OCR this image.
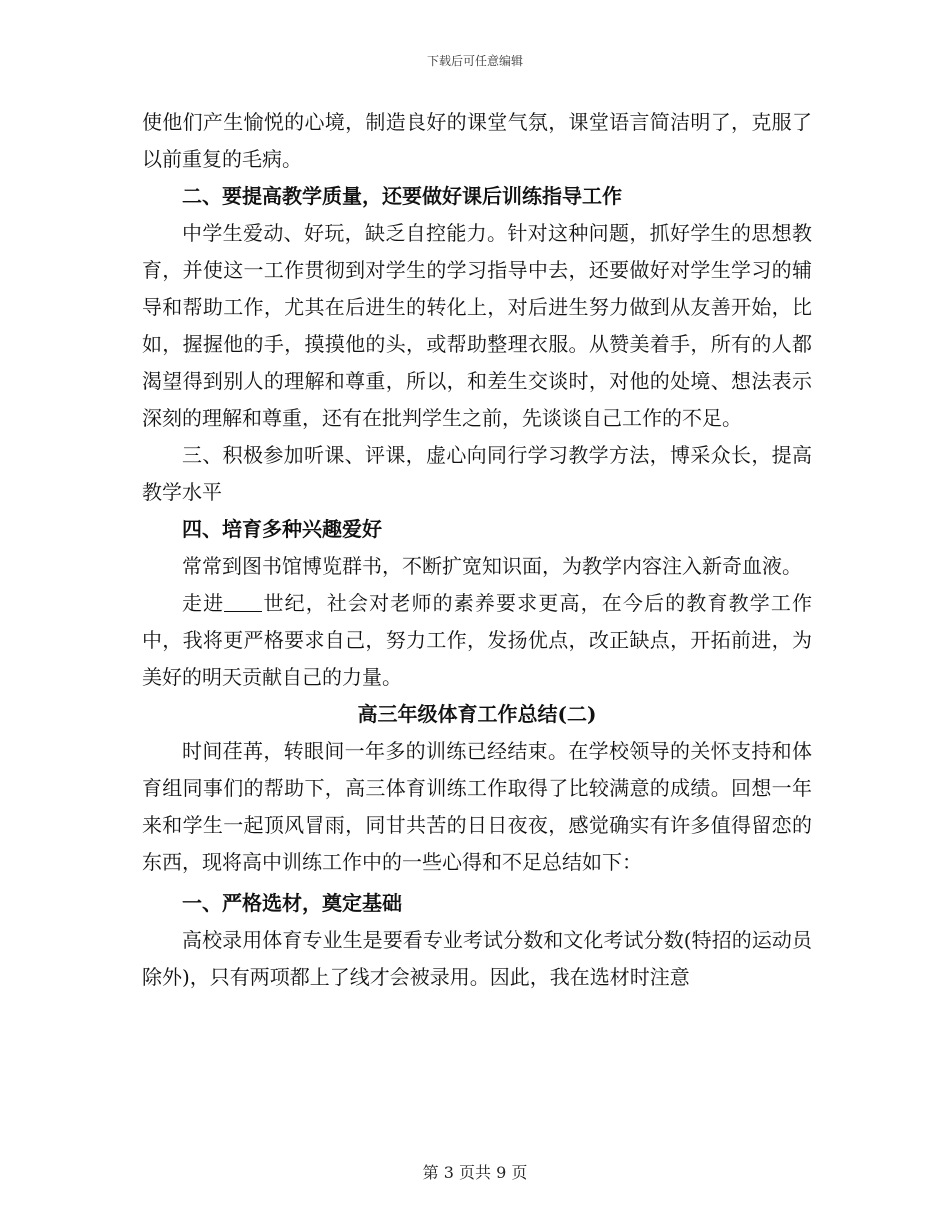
下载后可任意编辑

使他们产生愉悦的心境，制造良好的课堂气氛，课堂语言简洁明了，克服了以前重复的毛病。

二、要提高教学质量，还要做好课后训练指导工作

中学生爱动、好玩，缺乏自控能力。针对这种问题，抓好学生的思想教育，并使这一工作贯彻到对学生的学习指导中去，还要做好对学生学习的辅导和帮助工作，尤其在后进生的转化上，对后进生努力做到从友善开始，比如，握握他的手，摸摸他的头，或帮助整理衣服。从赞美着手，所有的人都渴望得到别人的理解和尊重，所以，和差生交谈时，对他的处境、想法表示深刻的理解和尊重，还有在批判学生之前，先谈谈自己工作的不足。

三、积极参加听课、评课，虚心向同行学习教学方法，博采众长，提高教学水平

四、培育多种兴趣爱好

常常到图书馆博览群书，不断扩宽知识面，为教学内容注入新奇血液。

走进 世纪，社会对老师的素养要求更高，在今后的教育教学工作中，我将更严格要求自己，努力工作，发扬优点，改正缺点，开拓前进，为美好的明天贡献自己的力量。

高三年级体育工作总结(二)

时间荏苒，转眼间一年多的训练已经结束。在学校领导的关怀支持和体育组同事们的帮助下，高三体育训练工作取得了比较满意的成绩。回想一年来和学生一起顶风冒雨，同甘共苦的日日夜夜，感觉确实有许多值得留恋的东西，现将高中训练工作中的一些心得和不足总结如下：

一、严格选材，奠定基础

高校录用体育专业生是要看专业考试分数和文化考试分数(特招的运动员除外)，只有两项都上了线才会被录用。因此，我在选材时注意

第 3 页共 9 页
